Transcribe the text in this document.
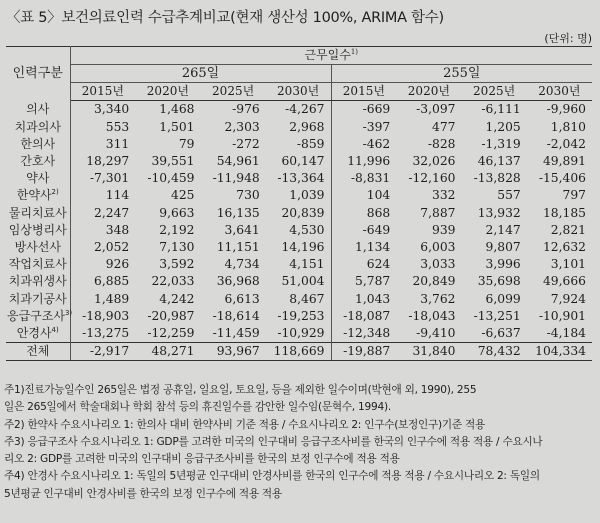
〈표 5〉보건의료인력 수급추계비교(현재 생산성 100%, ARIMA 함수)
(단위: 명)
인력구분	근무일수$^{1)}$
	265일				255일			
	2015년	2020년	2025년	2030년	2015년	2020년	2025년	2030년
의사	3,340	1,468	-976	-4,267	-669	-3,097	-6,111	-9,960
치과의사	553	1,501	2,303	2,968	-397	477	1,205	1,810
한의사	311	79	-272	-859	-462	-828	-1,319	-2,042
간호사	18,297	39,551	54,961	60,147	11,996	32,026	46,137	49,891
약사	-7,301	-10,459	-11,948	-13,364	-8,831	-12,160	-13,828	-15,406
한약사$^{2)}$	114	425	730	1,039	104	332	557	797
물리치료사	2,247	9,663	16,135	20,839	868	7,887	13,932	18,185
임상병리사	348	2,192	3,641	4,530	-649	939	2,147	2,821
방사선사	2,052	7,130	11,151	14,196	1,134	6,003	9,807	12,632
작업치료사	926	3,592	4,734	4,151	624	3,033	3,996	3,101
치과위생사	6,885	22,033	36,968	51,004	5,787	20,849	35,698	49,666
치과기공사	1,489	4,242	6,613	8,467	1,043	3,762	6,099	7,924
응급구조사$^{3)}$	-18,903	-20,987	-18,614	-19,253	-18,087	-18,043	-13,251	-10,901
안경사$^{4)}$	-13,275	-12,259	-11,459	-10,929	-12,348	-9,410	-6,637	-4,184
전체	-2,917	48,271	93,967	118,669	-19,887	31,840	78,432	104,334
주1)진료가능일수인 265일은 법정 공휴일, 일요일, 토요일, 등을 제외한 일수이며(박현애 외, 1990), 255
일은 265일에서 학술대회나 학회 참석 등의 휴진일수를 감안한 일수임(문혁수, 1994).
주2) 한약사 수요시나리오 1: 한의사 대비 한약사비 기준 적용 / 수요시나리오 2: 인구수(보정인구)기준 적용
주3) 응급구조사 수요시나리오 1: GDP를 고려한 미국의 인구대비 응급구조사비를 한국의 인구수에 적용 적용 / 수요시나
리오 2: GDP를 고려한 미국의 인구대비 응급구조사비를 한국의 보정 인구수에 적용 적용
주4) 안경사 수요시나리오 1: 독일의 5년평균 인구대비 안경사비를 한국의 인구수에 적용 적용 / 수요시나리오 2: 독일의
5년평균 인구대비 안경사비를 한국의 보정 인구수에 적용 적용
